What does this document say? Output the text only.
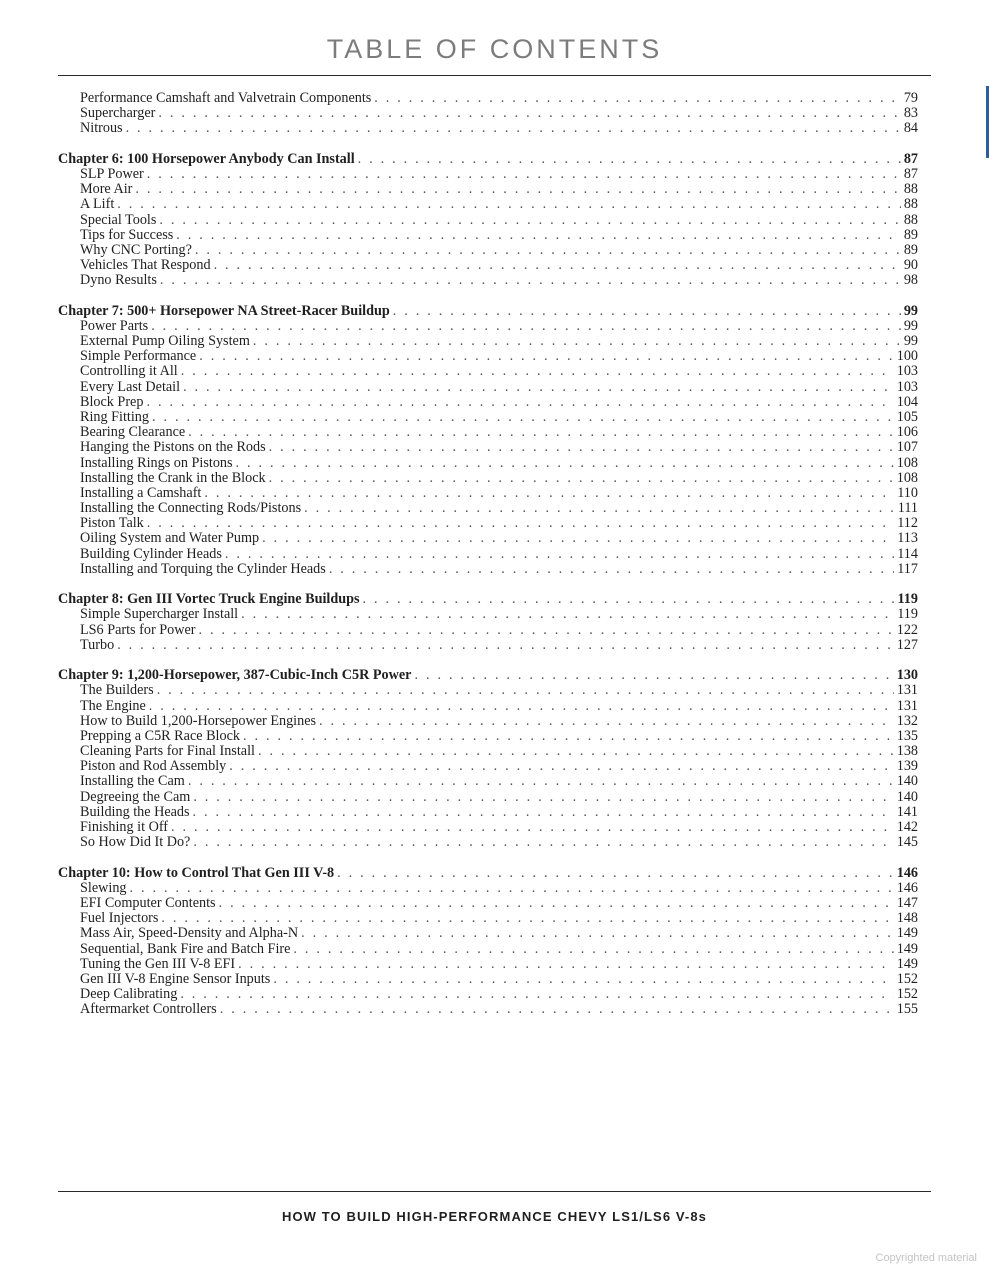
TABLE OF CONTENTS
Performance Camshaft and Valvetrain Components . . .	79
Supercharger . . .	83
Nitrous . . .	84
Chapter 6: 100 Horsepower Anybody Can Install . . .	87
SLP Power . . .	87
More Air . . .	88
A Lift . . .	88
Special Tools . . .	88
Tips for Success . . .	89
Why CNC Porting? . . .	89
Vehicles That Respond . . .	90
Dyno Results . . .	98
Chapter 7: 500+ Horsepower NA Street-Racer Buildup . . .	99
Power Parts . . .	99
External Pump Oiling System . . .	99
Simple Performance . . .	100
Controlling it All . . .	103
Every Last Detail . . .	103
Block Prep . . .	104
Ring Fitting . . .	105
Bearing Clearance . . .	106
Hanging the Pistons on the Rods . . .	107
Installing Rings on Pistons . . .	108
Installing the Crank in the Block . . .	108
Installing a Camshaft . . .	110
Installing the Connecting Rods/Pistons . . .	111
Piston Talk . . .	112
Oiling System and Water Pump . . .	113
Building Cylinder Heads . . .	114
Installing and Torquing the Cylinder Heads . . .	117
Chapter 8: Gen III Vortec Truck Engine Buildups . . .	119
Simple Supercharger Install . . .	119
LS6 Parts for Power . . .	122
Turbo . . .	127
Chapter 9: 1,200-Horsepower, 387-Cubic-Inch C5R Power . . .	130
The Builders . . .	131
The Engine . . .	131
How to Build 1,200-Horsepower Engines . . .	132
Prepping a C5R Race Block . . .	135
Cleaning Parts for Final Install . . .	138
Piston and Rod Assembly . . .	139
Installing the Cam . . .	140
Degreeing the Cam . . .	140
Building the Heads . . .	141
Finishing it Off . . .	142
So How Did It Do? . . .	145
Chapter 10: How to Control That Gen III V-8 . . .	146
Slewing . . .	146
EFI Computer Contents . . .	147
Fuel Injectors . . .	148
Mass Air, Speed-Density and Alpha-N . . .	149
Sequential, Bank Fire and Batch Fire . . .	149
Tuning the Gen III V-8 EFI . . .	149
Gen III V-8 Engine Sensor Inputs . . .	152
Deep Calibrating . . .	152
Aftermarket Controllers . . .	155
HOW TO BUILD HIGH-PERFORMANCE CHEVY LS1/LS6 V-8s
Copyrighted material
